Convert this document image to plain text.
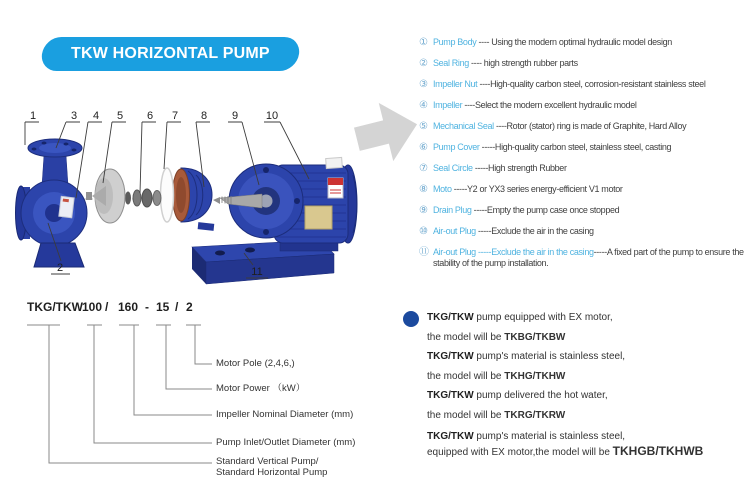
TKW HORIZONTAL PUMP
1	3 4 5 6 7 8 9	10
2	11
① Pump Body ---- Using the modern optimal hydraulic model design
② Seal Ring ---- high strength rubber parts
③ Impeller Nut ----High-quality carbon steel, corrosion-resistant stainless steel
④ Impeller ----Select the modern excellent hydraulic model
⑤ Mechanical Seal ----Rotor (stator) ring is made of Graphite, Hard Alloy
⑥ Pump Cover -----High-quality carbon steel, stainless steel, casting
⑦ Seal Circle -----High strength Rubber
⑧ Moto -----Y2 or YX3 series energy-efficient V1 motor
⑨ Drain Plug -----Empty the pump case once stopped
⑩ Air-out Plug -----Exclude the air in the casing
⑪ Air-out Plug -----Exclude the air in the casing-----A fixed part of the pump to ensure the stability of the pump installation.
TKG/TKW 100 / 160 - 15 / 2
Motor Pole (2,4,6,)
Motor Power （kW）
Impeller Nominal Diameter (mm)
Pump Inlet/Outlet Diameter (mm)
Standard Vertical Pump/
Standard Horizontal Pump
TKG/TKW pump equipped with EX motor,
the model will be TKBG/TKBW
TKG/TKW pump's material is stainless steel,
the model will be TKHG/TKHW
TKG/TKW pump delivered the hot water,
the model will be TKRG/TKRW
TKG/TKW pump's material is stainless steel,
equipped with EX motor,the model will be TKHGB/TKHWB
